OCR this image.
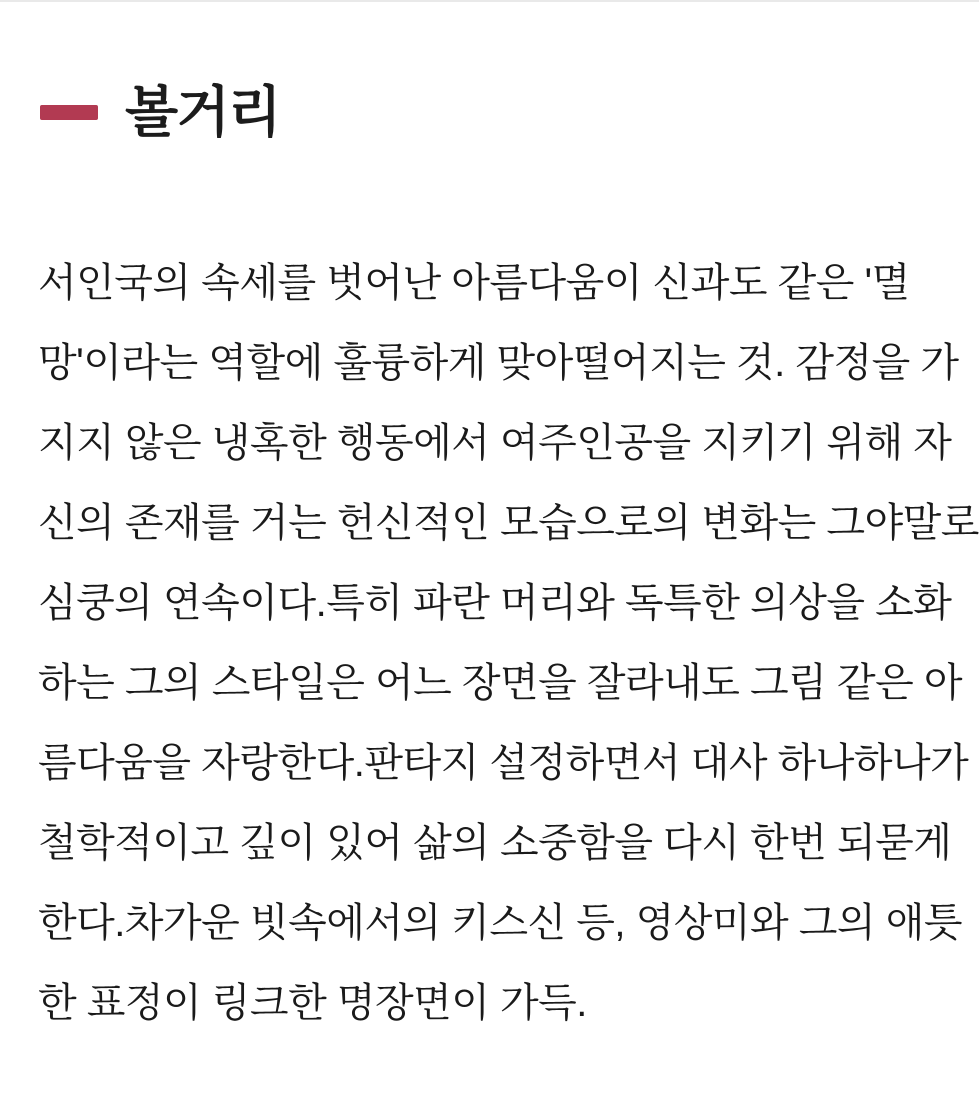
볼거리
서인국의 속세를 벗어난 아름다움이 신과도 같은 '멸
망'이라는 역할에 훌륭하게 맞아떨어지는 것. 감정을 가
지지 않은 냉혹한 행동에서 여주인공을 지키기 위해 자
신의 존재를 거는 헌신적인 모습으로의 변화는 그야말로
심쿵의 연속이다.특히 파란 머리와 독특한 의상을 소화
하는 그의 스타일은 어느 장면을 잘라내도 그림 같은 아
름다움을 자랑한다.판타지 설정하면서 대사 하나하나가
철학적이고 깊이 있어 삶의 소중함을 다시 한번 되묻게
한다.차가운 빗속에서의 키스신 등, 영상미와 그의 애틋
한 표정이 링크한 명장면이 가득.
